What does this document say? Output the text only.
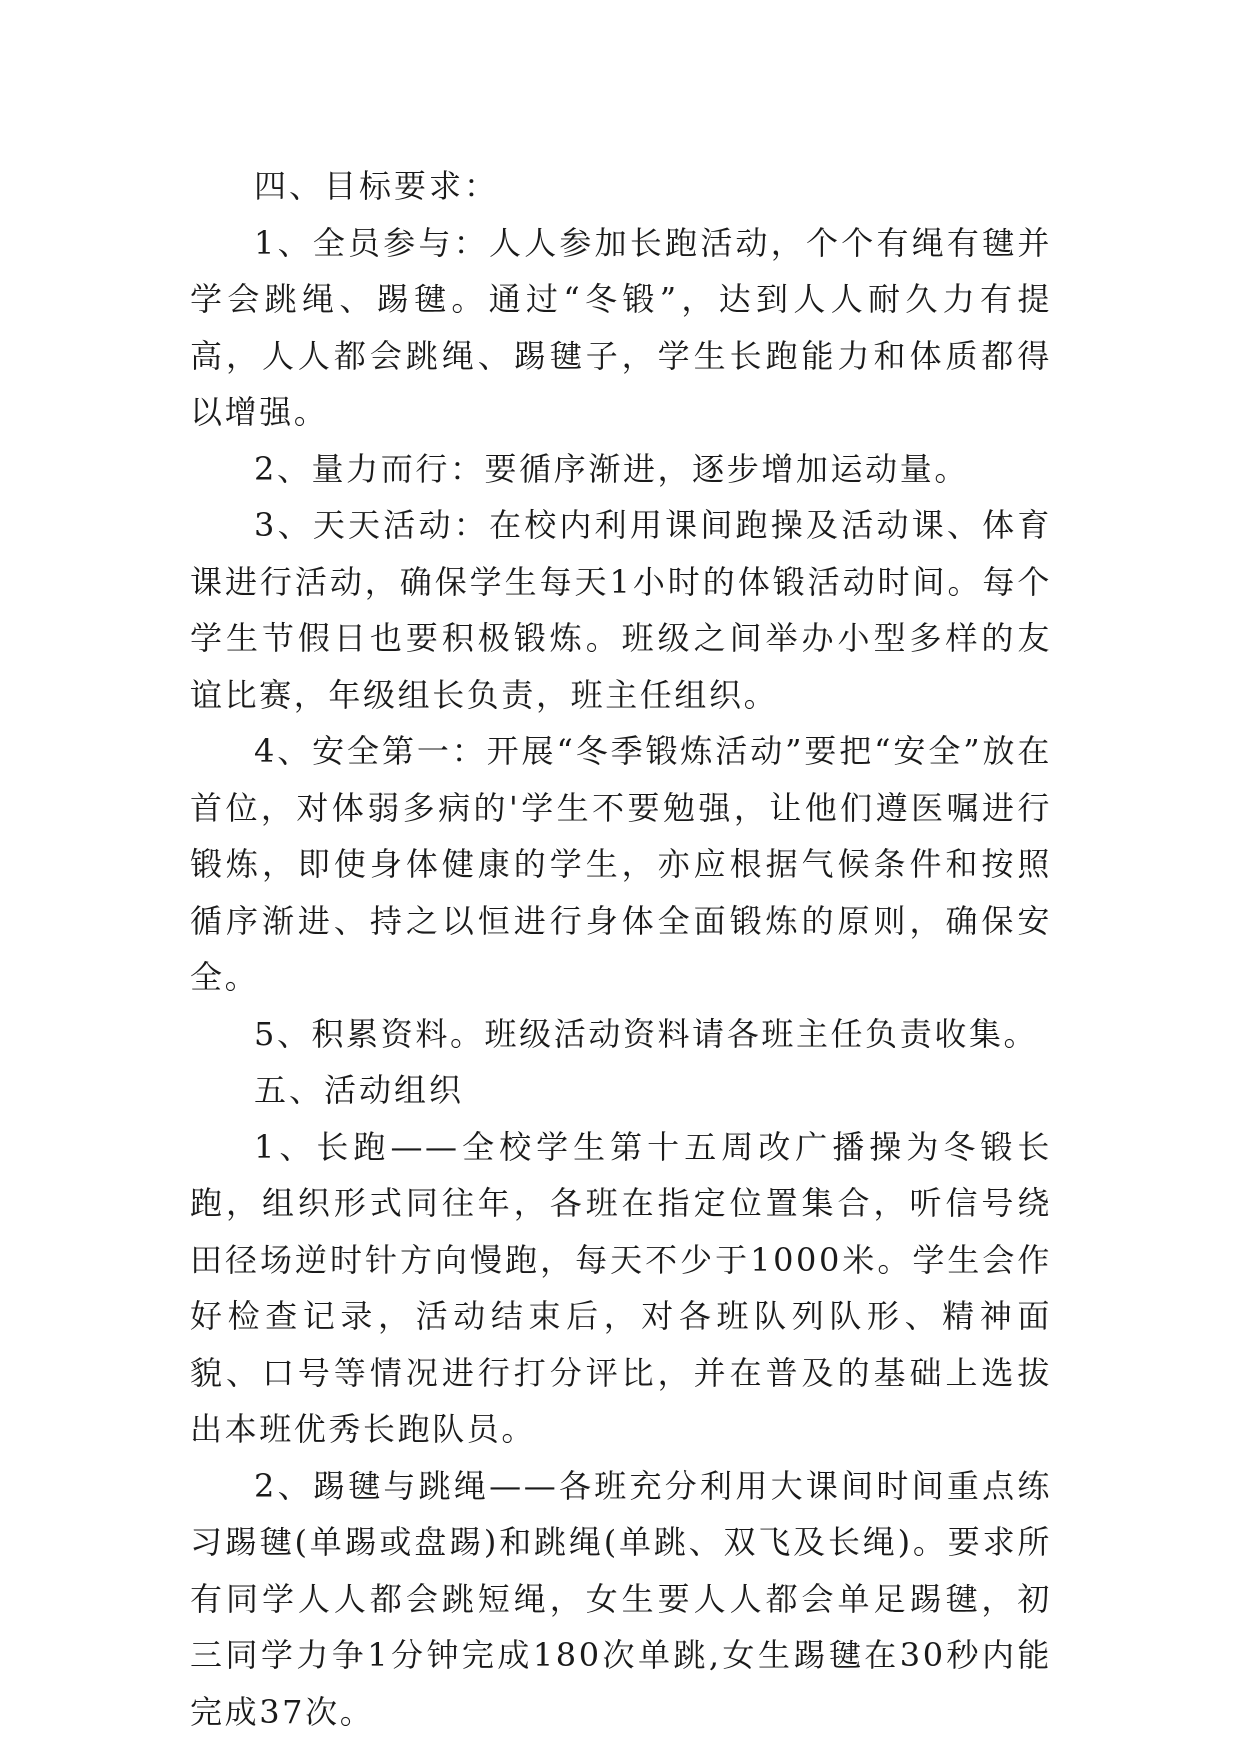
四、目标要求：

1、全员参与：人人参加长跑活动，个个有绳有毽并学会跳绳、踢毽。通过“冬锻”，达到人人耐久力有提高，人人都会跳绳、踢毽子，学生长跑能力和体质都得以增强。

2、量力而行：要循序渐进，逐步增加运动量。

3、天天活动：在校内利用课间跑操及活动课、体育课进行活动，确保学生每天1小时的体锻活动时间。每个学生节假日也要积极锻炼。班级之间举办小型多样的友谊比赛，年级组长负责，班主任组织。

4、安全第一：开展“冬季锻炼活动”要把“安全”放在首位，对体弱多病的'学生不要勉强，让他们遵医嘱进行锻炼，即使身体健康的学生，亦应根据气候条件和按照循序渐进、持之以恒进行身体全面锻炼的原则，确保安全。

5、积累资料。班级活动资料请各班主任负责收集。

五、活动组织

1、长跑——全校学生第十五周改广播操为冬锻长跑，组织形式同往年，各班在指定位置集合，听信号绕田径场逆时针方向慢跑，每天不少于1000米。学生会作好检查记录，活动结束后，对各班队列队形、精神面貌、口号等情况进行打分评比，并在普及的基础上选拔出本班优秀长跑队员。

2、踢毽与跳绳——各班充分利用大课间时间重点练习踢毽(单踢或盘踢)和跳绳(单跳、双飞及长绳)。要求所有同学人人都会跳短绳，女生要人人都会单足踢毽，初三同学力争1分钟完成180次单跳,女生踢毽在30秒内能完成37次。
